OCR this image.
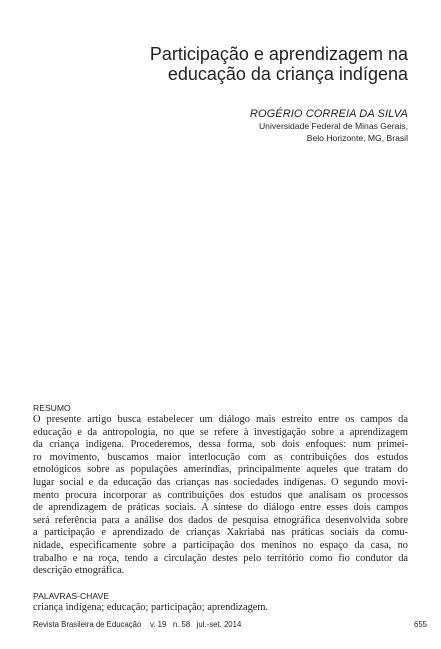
Participação e aprendizagem na
educação da criança indígena
ROGÉRIO CORREIA DA SILVA
Universidade Federal de Minas Gerais,
Belo Horizonte, MG, Brasil
RESUMO
O presente artigo busca estabelecer um diálogo mais estreito entre os campos da
educação e da antropologia, no que se refere à investigação sobre a aprendizagem
da criança indígena. Procederemos, dessa forma, sob dois enfoques: num primei-
ro movimento, buscamos maior interlocução com as contribuições dos estudos
etnológicos sobre as populações ameríndias, principalmente aqueles que tratam do
lugar social e da educação das crianças nas sociedades indígenas. O segundo movi-
mento procura incorporar as contribuições dos estudos que analisam os processos
de aprendizagem de práticas sociais. A síntese do diálogo entre esses dois campos
será referência para a análise dos dados de pesquisa etnográfica desenvolvida sobre
a participação e aprendizado de crianças Xakriabá nas práticas sociais da comu-
nidade, especificamente sobre a participação dos meninos no espaço da casa, no
trabalho e na roça, tendo a circulação destes pelo território como fio condutor da
descrição etnográfica.
PALAVRAS-CHAVE
criança indígena; educação; participação; aprendizagem.
Revista Brasileira de Educação    v. 19   n. 58   jul.-set. 2014	655
